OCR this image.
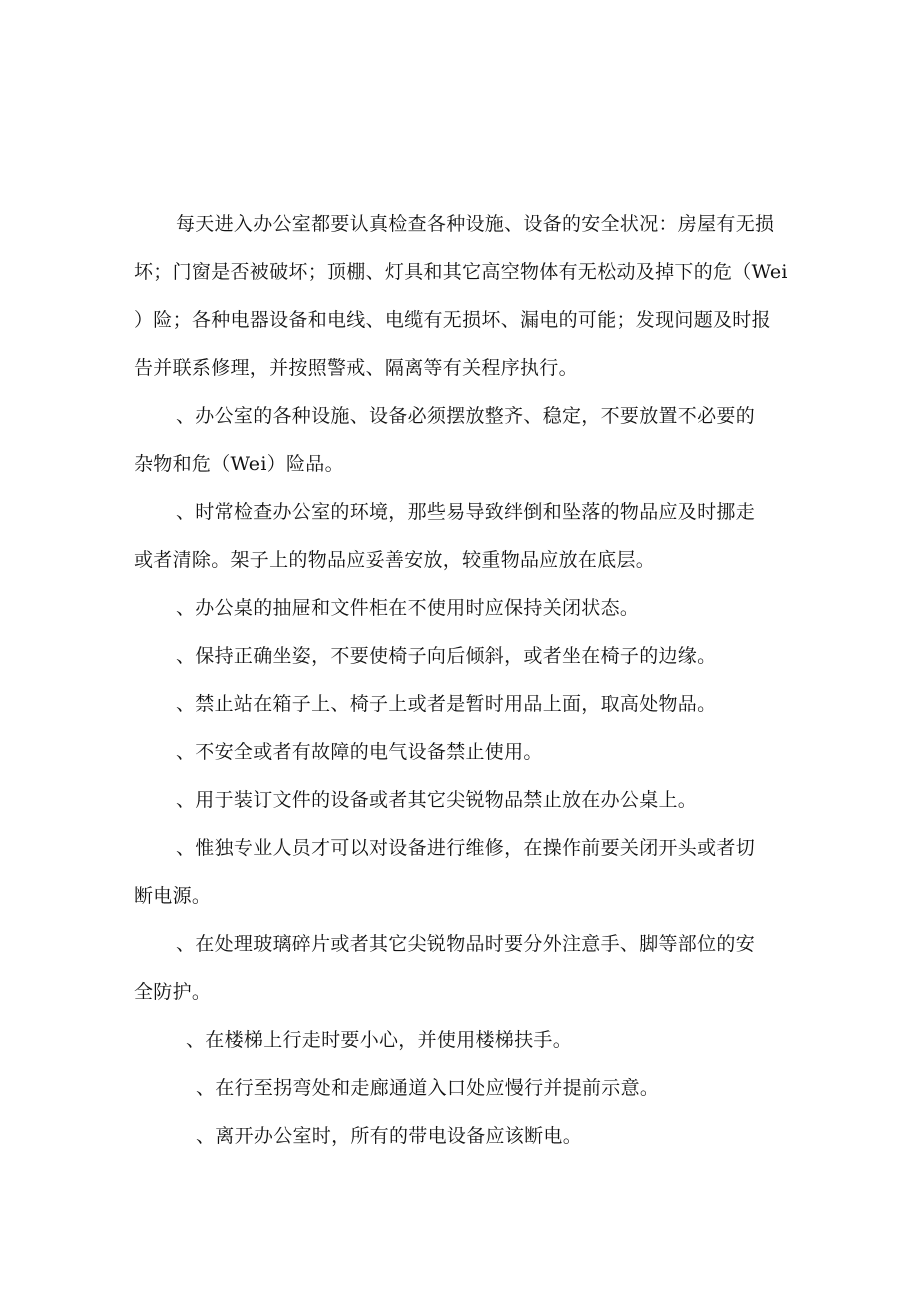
每天进入办公室都要认真检查各种设施、设备的安全状况：房屋有无损
坏；门窗是否被破坏；顶棚、灯具和其它高空物体有无松动及掉下的危（Wei
）险；各种电器设备和电线、电缆有无损坏、漏电的可能；发现问题及时报
告并联系修理，并按照警戒、隔离等有关程序执行。
、办公室的各种设施、设备必须摆放整齐、稳定，不要放置不必要的
杂物和危（Wei）险品。
、时常检查办公室的环境，那些易导致绊倒和坠落的物品应及时挪走
或者清除。架子上的物品应妥善安放，较重物品应放在底层。
、办公桌的抽屉和文件柜在不使用时应保持关闭状态。
、保持正确坐姿，不要使椅子向后倾斜，或者坐在椅子的边缘。
、禁止站在箱子上、椅子上或者是暂时用品上面，取高处物品。
、不安全或者有故障的电气设备禁止使用。
、用于装订文件的设备或者其它尖锐物品禁止放在办公桌上。
、惟独专业人员才可以对设备进行维修，在操作前要关闭开头或者切
断电源。
、在处理玻璃碎片或者其它尖锐物品时要分外注意手、脚等部位的安
全防护。
、在楼梯上行走时要小心，并使用楼梯扶手。
、在行至拐弯处和走廊通道入口处应慢行并提前示意。
、离开办公室时，所有的带电设备应该断电。
